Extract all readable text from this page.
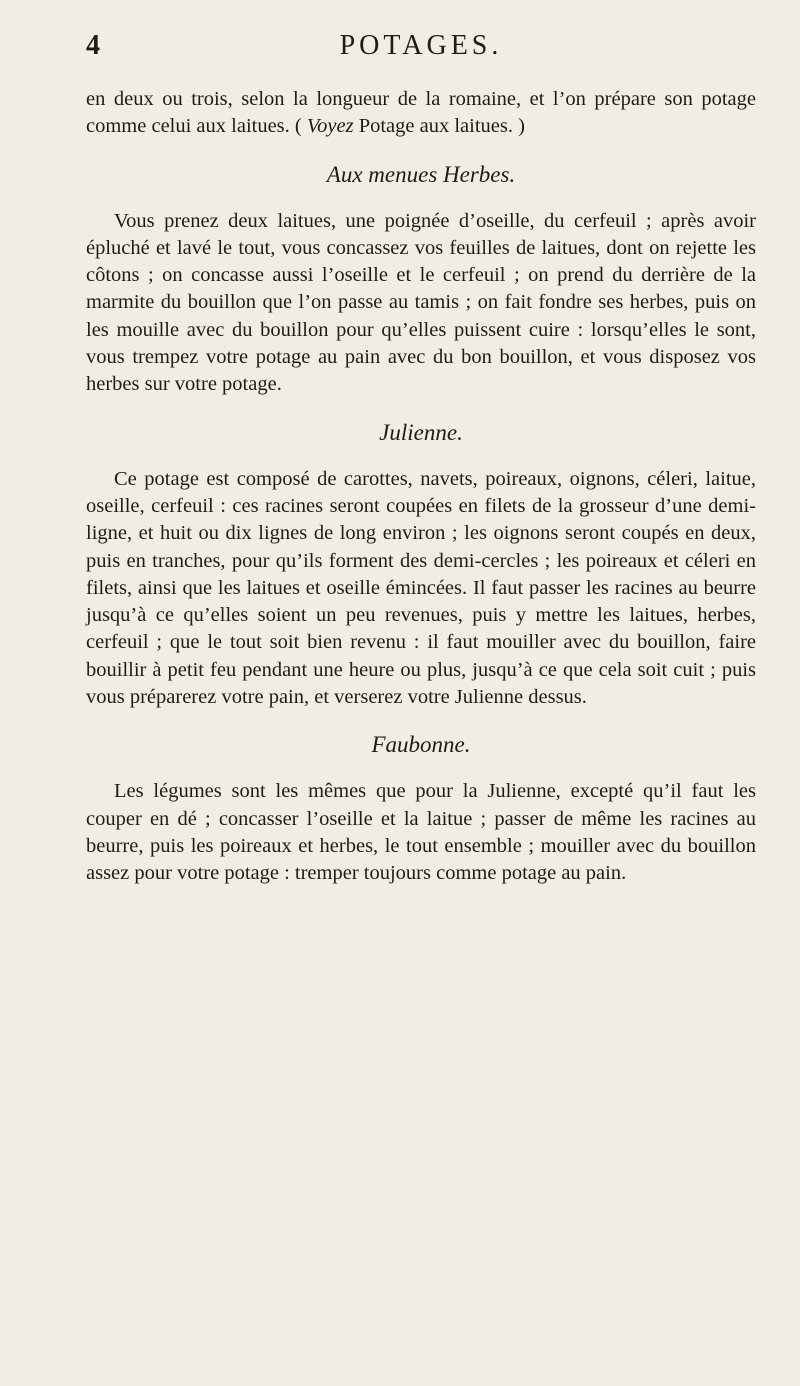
4	POTAGES.

en deux ou trois, selon la longueur de la romaine, et l’on prépare son potage comme celui aux laitues. ( Voyez Potage aux laitues. )

Aux menues Herbes.

Vous prenez deux laitues, une poignée d’oseille, du cerfeuil ; après avoir épluché et lavé le tout, vous concassez vos feuilles de laitues, dont on rejette les côtons ; on concasse aussi l’oseille et le cerfeuil ; on prend du derrière de la marmite du bouillon que l’on passe au tamis ; on fait fondre ses herbes, puis on les mouille avec du bouillon pour qu’elles puissent cuire : lorsqu’elles le sont, vous trempez votre potage au pain avec du bon bouillon, et vous disposez vos herbes sur votre potage.

Julienne.

Ce potage est composé de carottes, navets, poireaux, oignons, céleri, laitue, oseille, cerfeuil : ces racines seront coupées en filets de la grosseur d’une demi-ligne, et huit ou dix lignes de long environ ; les oignons seront coupés en deux, puis en tranches, pour qu’ils forment des demi-cercles ; les poireaux et céleri en filets, ainsi que les laitues et oseille émincées. Il faut passer les racines au beurre jusqu’à ce qu’elles soient un peu revenues, puis y mettre les laitues, herbes, cerfeuil ; que le tout soit bien revenu : il faut mouiller avec du bouillon, faire bouillir à petit feu pendant une heure ou plus, jusqu’à ce que cela soit cuit ; puis vous préparerez votre pain, et verserez votre Julienne dessus.

Faubonne.

Les légumes sont les mêmes que pour la Julienne, excepté qu’il faut les couper en dé ; concasser l’oseille et la laitue ; passer de même les racines au beurre, puis les poireaux et herbes, le tout ensemble ; mouiller avec du bouillon assez pour votre potage : tremper toujours comme potage au pain.
